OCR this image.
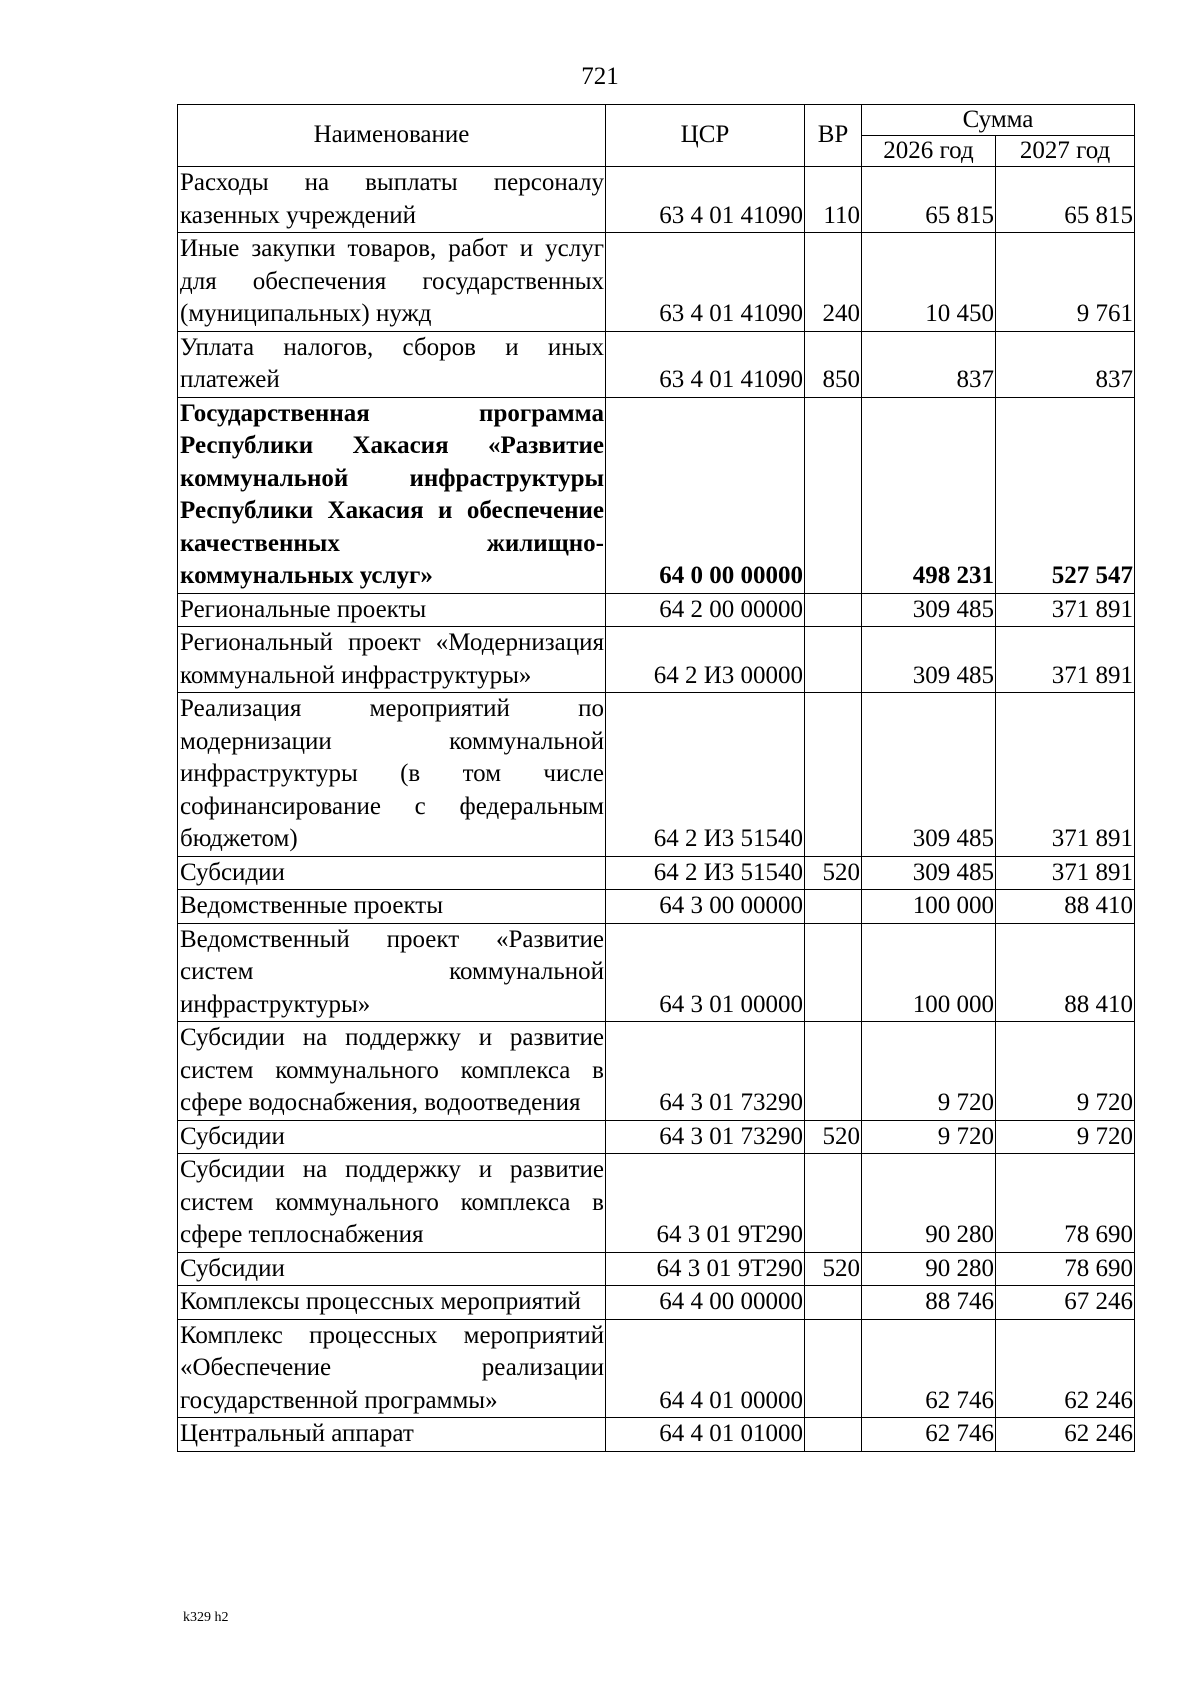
721
Наименование	ЦСР	ВР	Сумма	
			2026 год	2027 год
Расходы на выплаты персоналу казенных учреждений	63 4 01 41090	110	65 815	65 815
Иные закупки товаров, работ и услуг для обеспечения государственных (муниципальных) нужд	63 4 01 41090	240	10 450	9 761
Уплата налогов, сборов и иных платежей	63 4 01 41090	850	837	837
Государственная программа Республики Хакасия «Развитие коммунальной инфраструктуры Республики Хакасия и обеспечение качественных жилищно-коммунальных услуг»	64 0 00 00000		498 231	527 547
Региональные проекты	64 2 00 00000		309 485	371 891
Региональный проект «Модернизация коммунальной инфраструктуры»	64 2 И3 00000		309 485	371 891
Реализация мероприятий по модернизации коммунальной инфраструктуры (в том числе софинансирование с федеральным бюджетом)	64 2 И3 51540		309 485	371 891
Субсидии	64 2 И3 51540	520	309 485	371 891
Ведомственные проекты	64 3 00 00000		100 000	88 410
Ведомственный проект «Развитие систем коммунальной инфраструктуры»	64 3 01 00000		100 000	88 410
Субсидии на поддержку и развитие систем коммунального комплекса в сфере водоснабжения, водоотведения	64 3 01 73290		9 720	9 720
Субсидии	64 3 01 73290	520	9 720	9 720
Субсидии на поддержку и развитие систем коммунального комплекса в сфере теплоснабжения	64 3 01 9Т290		90 280	78 690
Субсидии	64 3 01 9Т290	520	90 280	78 690
Комплексы процессных мероприятий	64 4 00 00000		88 746	67 246
Комплекс процессных мероприятий «Обеспечение реализации государственной программы»	64 4 01 00000		62 746	62 246
Центральный аппарат	64 4 01 01000		62 746	62 246
k329 h2
